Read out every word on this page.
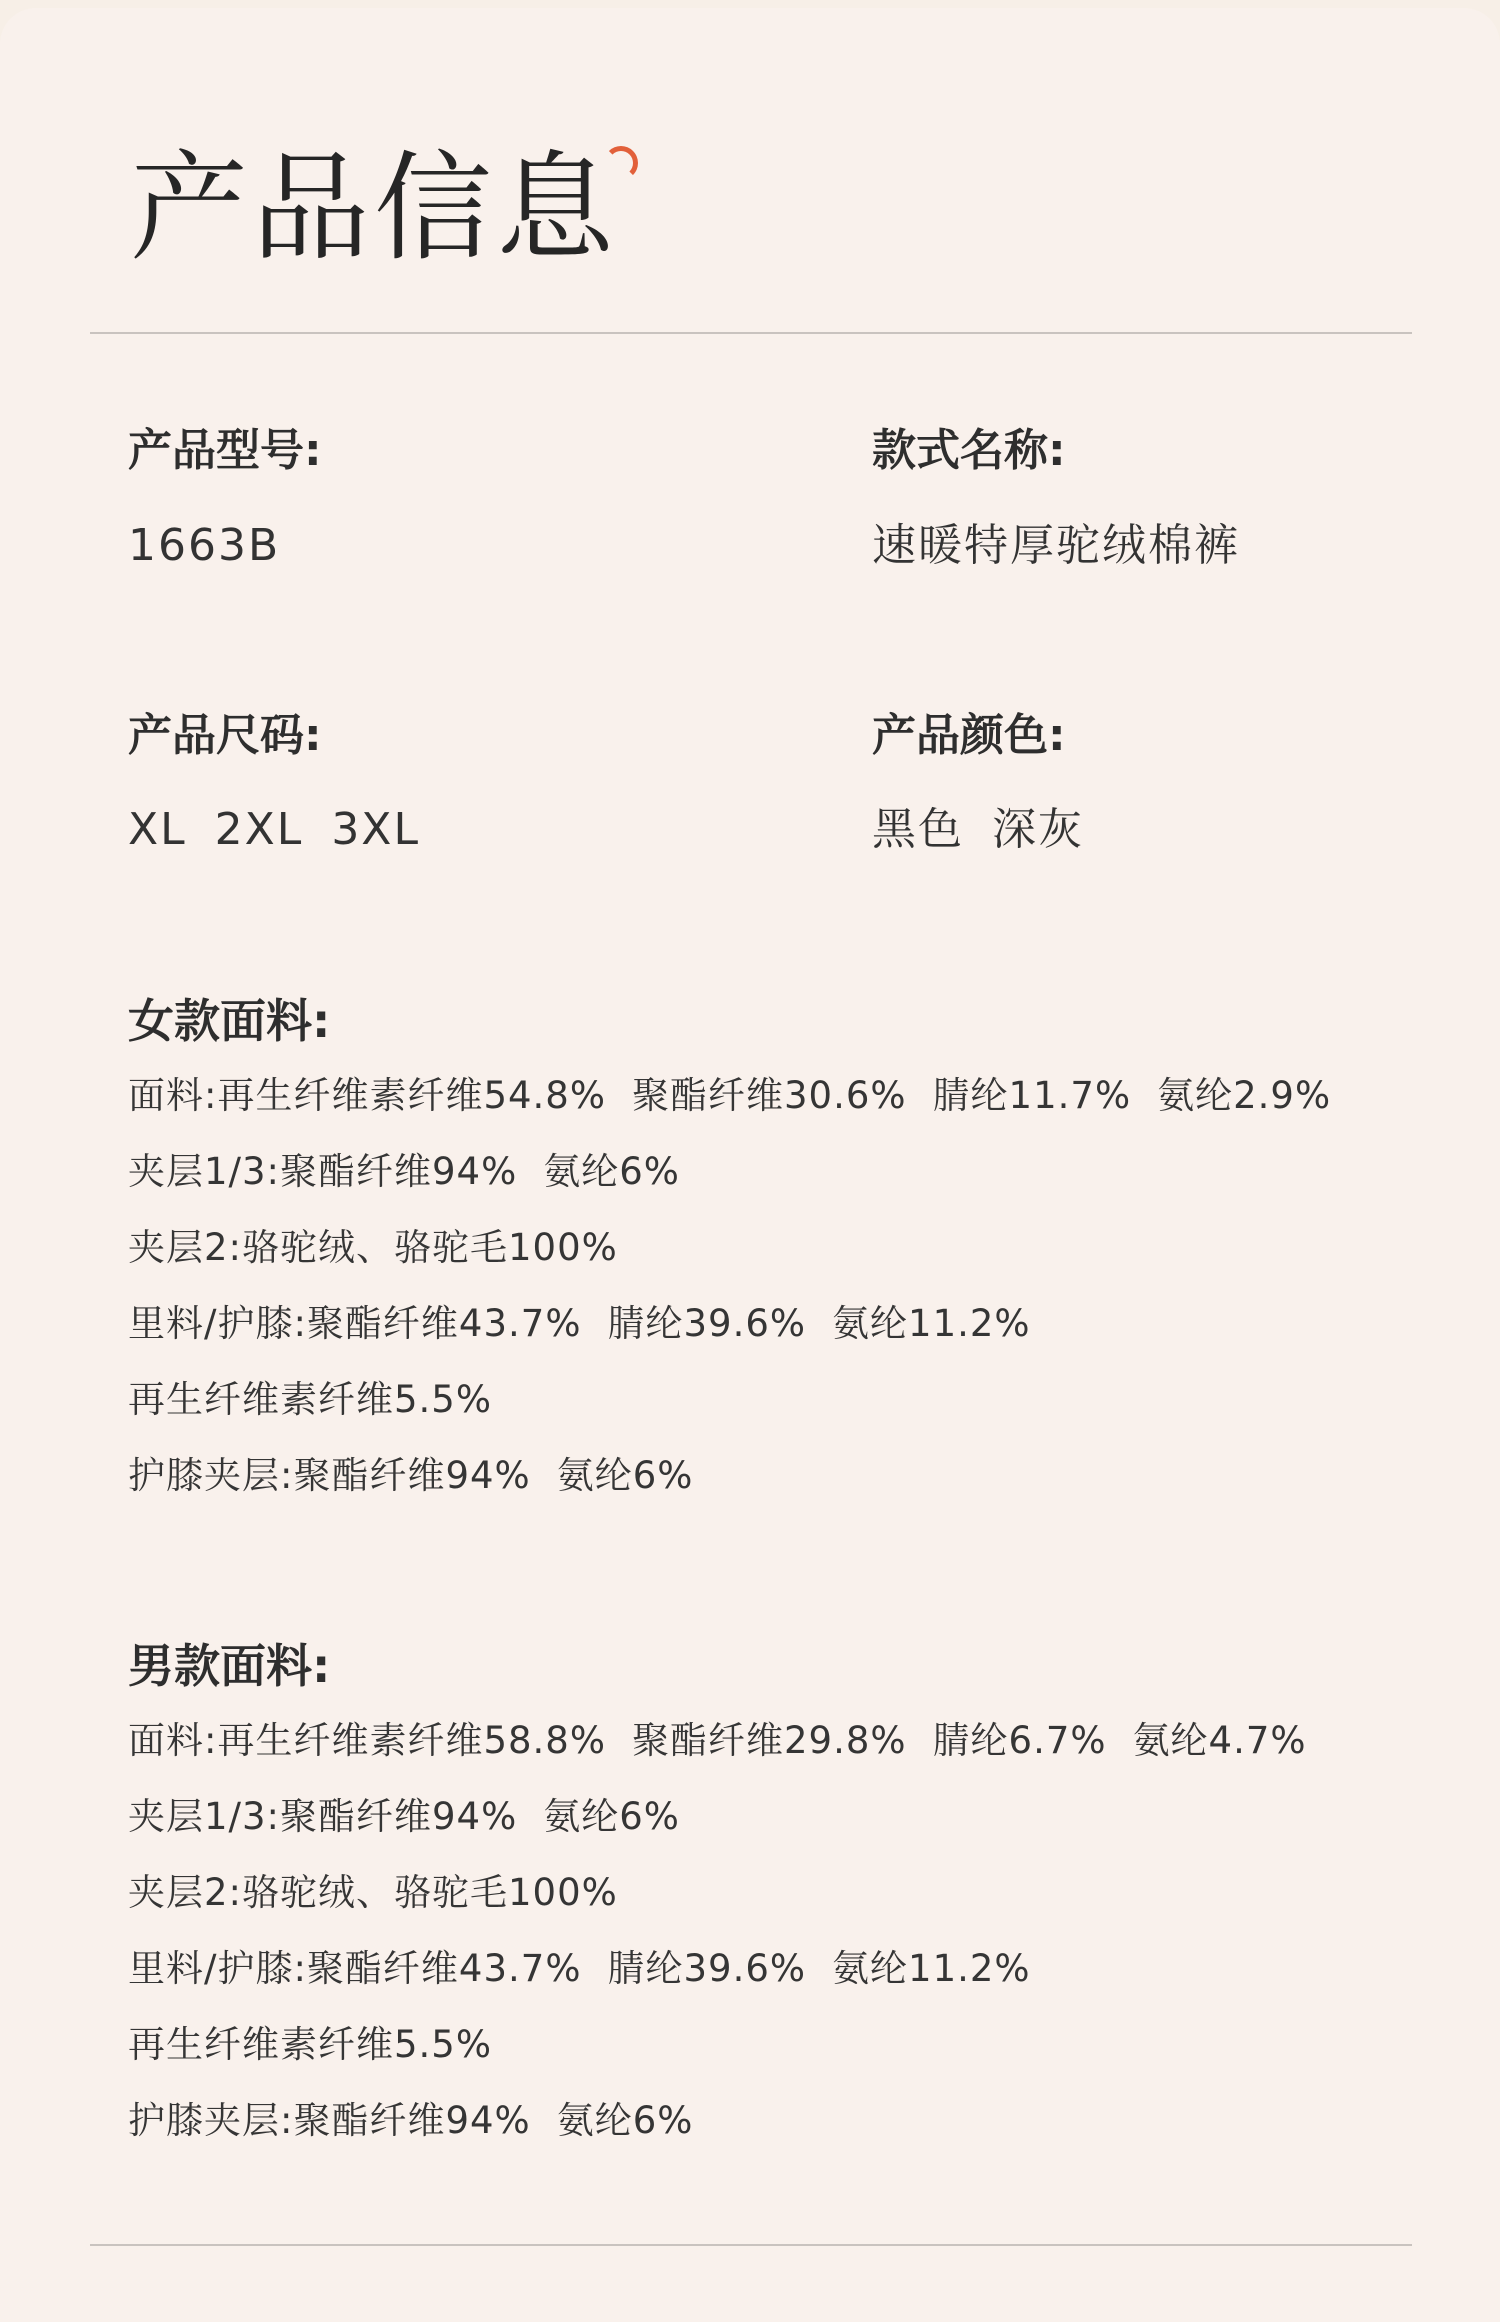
产品信息
产品型号:
1663B
款式名称:
速暖特厚驼绒棉裤
产品尺码:
XL 2XL 3XL
产品颜色:
黑色 深灰
女款面料:
面料:再生纤维素纤维54.8% 聚酯纤维30.6% 腈纶11.7% 氨纶2.9%
夹层1/3:聚酯纤维94% 氨纶6%
夹层2:骆驼绒、骆驼毛100%
里料/护膝:聚酯纤维43.7% 腈纶39.6% 氨纶11.2%
再生纤维素纤维5.5%
护膝夹层:聚酯纤维94% 氨纶6%
男款面料:
面料:再生纤维素纤维58.8% 聚酯纤维29.8% 腈纶6.7% 氨纶4.7%
夹层1/3:聚酯纤维94% 氨纶6%
夹层2:骆驼绒、骆驼毛100%
里料/护膝:聚酯纤维43.7% 腈纶39.6% 氨纶11.2%
再生纤维素纤维5.5%
护膝夹层:聚酯纤维94% 氨纶6%
